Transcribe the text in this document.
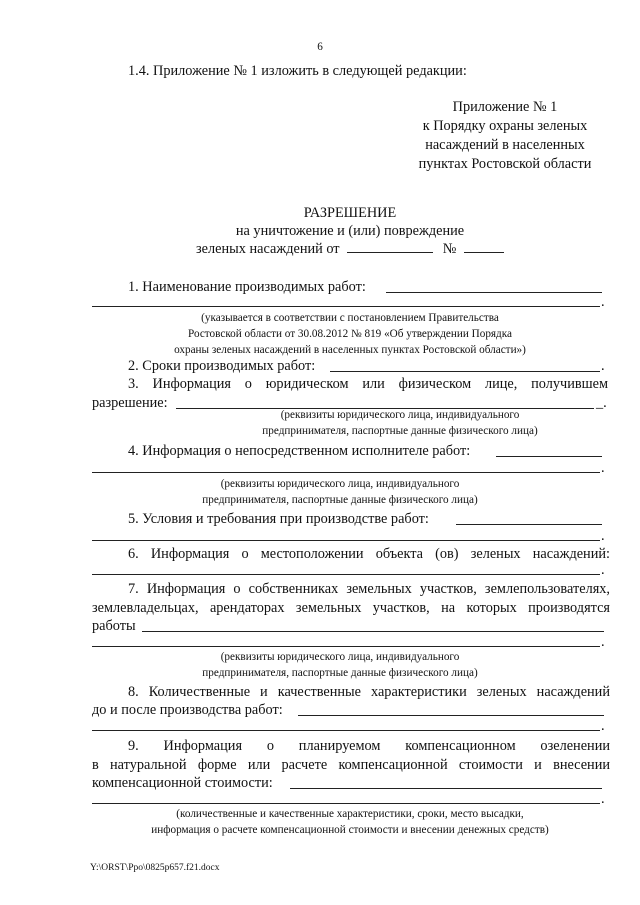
6
1.4. Приложение № 1 изложить в следующей редакции:
Приложение № 1
к Порядку охраны зеленых
насаждений в населенных
пунктах Ростовской области
РАЗРЕШЕНИЕ
на уничтожение и (или) повреждение
зеленых насаждений от	№
1. Наименование производимых работ:
.
(указывается в соответствии с постановлением Правительства
Ростовской области от 30.08.2012 № 819 «Об утверждении Порядка
охраны зеленых насаждений в населенных пунктах Ростовской области»)
2. Сроки производимых работ:	.
3. Информация о юридическом или физическом лице, получившем
разрешение:	_.
(реквизиты юридического лица, индивидуального
предпринимателя, паспортные данные физического лица)
4. Информация о непосредственном исполнителе работ:
.
(реквизиты юридического лица, индивидуального
предпринимателя, паспортные данные физического лица)
5. Условия и требования при производстве работ:
.
6. Информация о местоположении объекта (ов) зеленых насаждений:
.
7. Информация о собственниках земельных участков, землепользователях,
землевладельцах, арендаторах земельных участков, на которых производятся
работы
.
(реквизиты юридического лица, индивидуального
предпринимателя, паспортные данные физического лица)
8. Количественные и качественные характеристики зеленых насаждений
до и после производства работ:
.
9. Информация о планируемом компенсационном озеленении
в натуральной форме или расчете компенсационной стоимости и внесении
компенсационной стоимости:
.
(количественные и качественные характеристики, сроки, место высадки,
информация о расчете компенсационной стоимости и внесении денежных средств)
Y:\ORST\Ppo\0825p657.f21.docx
